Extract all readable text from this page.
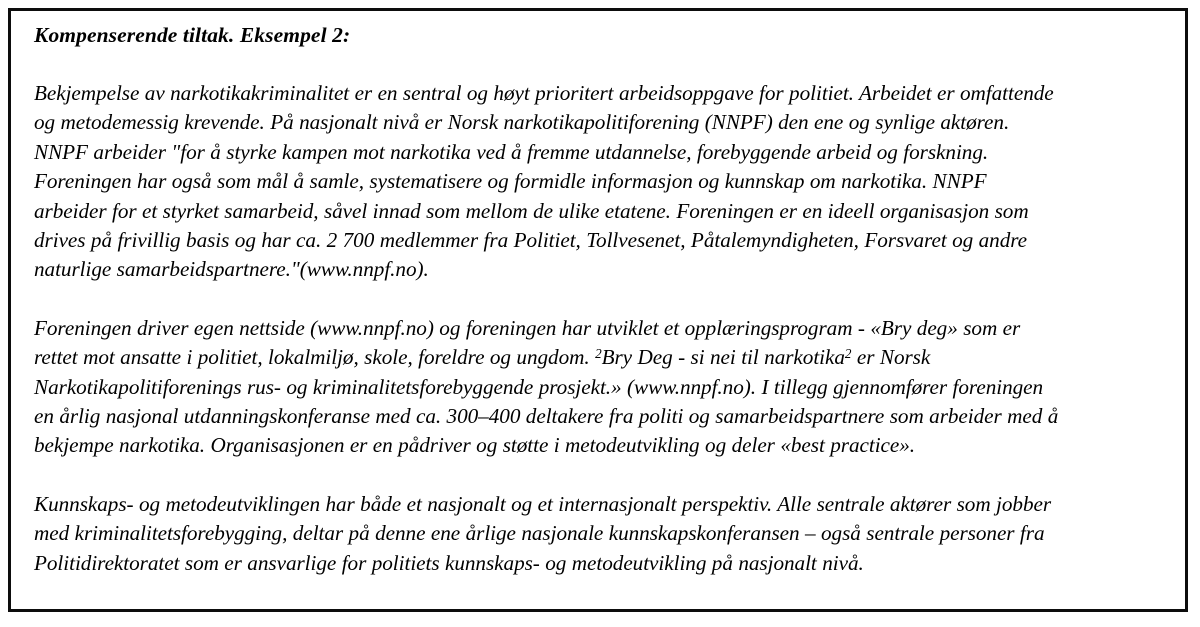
Kompenserende tiltak. Eksempel 2:
Bekjempelse av narkotikakriminalitet er en sentral og høyt prioritert arbeidsoppgave for politiet. Arbeidet er omfattende
og metodemessig krevende. På nasjonalt nivå er Norsk narkotikapolitiforening (NNPF) den ene og synlige aktøren.
NNPF arbeider "for å styrke kampen mot narkotika ved å fremme utdannelse, forebyggende arbeid og forskning.
Foreningen har også som mål å samle, systematisere og formidle informasjon og kunnskap om narkotika. NNPF
arbeider for et styrket samarbeid, såvel innad som mellom de ulike etatene. Foreningen er en ideell organisasjon som
drives på frivillig basis og har ca. 2 700 medlemmer fra Politiet, Tollvesenet, Påtalemyndigheten, Forsvaret og andre
naturlige samarbeidspartnere."(www.nnpf.no).
Foreningen driver egen nettside (www.nnpf.no) og foreningen har utviklet et opplæringsprogram - «Bry deg» som er
rettet mot ansatte i politiet, lokalmiljø, skole, foreldre og ungdom. $^2$Bry Deg - si nei til narkotika$^2$ er Norsk
Narkotikapolitiforenings rus- og kriminalitetsforebyggende prosjekt.» (www.nnpf.no). I tillegg gjennomfører foreningen
en årlig nasjonal utdanningskonferanse med ca. 300–400 deltakere fra politi og samarbeidspartnere som arbeider med å
bekjempe narkotika. Organisasjonen er en pådriver og støtte i metodeutvikling og deler «best practice».
Kunnskaps- og metodeutviklingen har både et nasjonalt og et internasjonalt perspektiv. Alle sentrale aktører som jobber
med kriminalitetsforebygging, deltar på denne ene årlige nasjonale kunnskapskonferansen – også sentrale personer fra
Politidirektoratet som er ansvarlige for politiets kunnskaps- og metodeutvikling på nasjonalt nivå.
